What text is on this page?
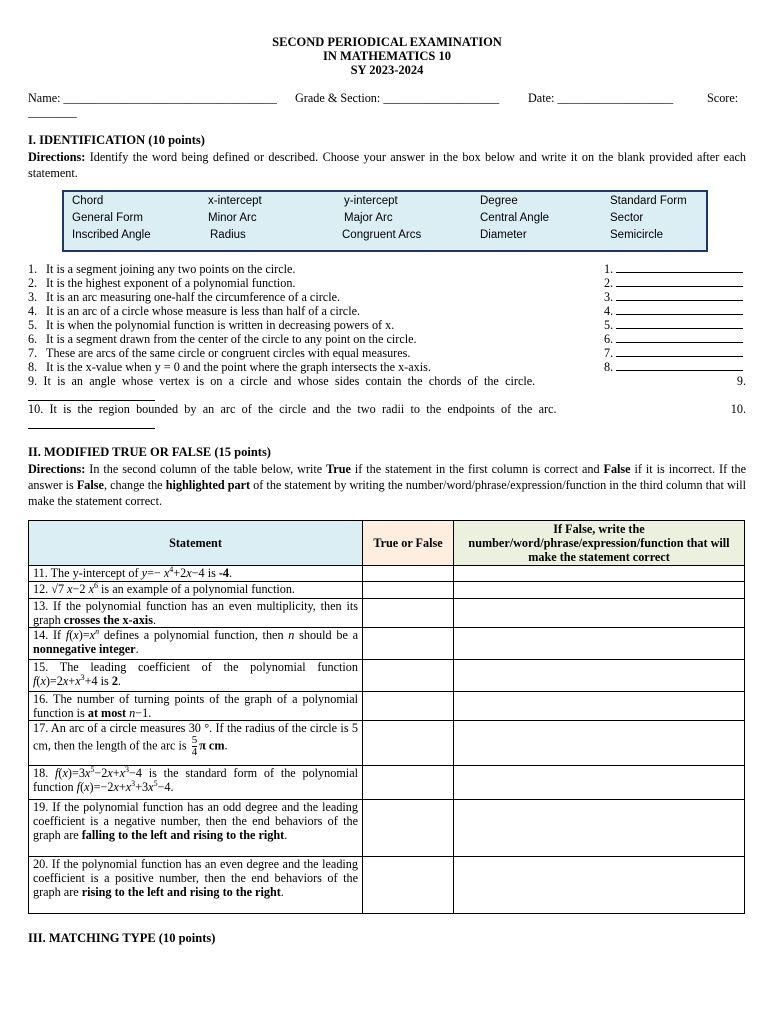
SECOND PERIODICAL EXAMINATION
IN MATHEMATICS 10
SY 2023-2024
Name: ___________________________________ Grade & Section: ___________________ Date: ___________________	Score:
________
I. IDENTIFICATION (10 points)
Directions: Identify the word being defined or described. Choose your answer in the box below and write it on the blank provided after each statement.
Chord	x-intercept	y-intercept	Degree	Standard Form
General Form	Minor Arc	Major Arc	Central Angle	Sector
Inscribed Angle	Radius	Congruent Arcs	Diameter	Semicircle
1. It is a segment joining any two points on the circle.	1.
2. It is the highest exponent of a polynomial function.	2.
3. It is an arc measuring one-half the circumference of a circle.	3.
4. It is an arc of a circle whose measure is less than half of a circle.	4.
5. It is when the polynomial function is written in decreasing powers of x.	5.
6. It is a segment drawn from the center of the circle to any point on the circle.	6.
7. These are arcs of the same circle or congruent circles with equal measures.	7.
8. It is the x-value when y = 0 and the point where the graph intersects the x-axis.	8.
9. It is an angle whose vertex is on a circle and whose sides contain the chords of the circle.	9.
10. It is the region bounded by an arc of the circle and the two radii to the endpoints of the arc.	10.
II. MODIFIED TRUE OR FALSE (15 points)
Directions: In the second column of the table below, write True if the statement in the first column is correct and False if it is incorrect. If the answer is False, change the highlighted part of the statement by writing the number/word/phrase/expression/function in the third column that will make the statement correct.
Statement	True or False	If False, write the number/word/phrase/expression/function that will make the statement correct
11. The y-intercept of $y=- x^4+2x-4$ is -4.		
12. √7 x−2 $x^6$ is an example of a polynomial function.		
13. If the polynomial function has an even multiplicity, then its graph crosses the x-axis.		
14. If $f(x)=x^n$ defines a polynomial function, then n should be a nonnegative integer.		
15. The leading coefficient of the polynomial function $f(x)=2x+x^3+4$ is 2.		
16. The number of turning points of the graph of a polynomial function is at most n−1.		
17. An arc of a circle measures 30 °. If the radius of the circle is 5 cm, then the length of the arc is $\frac{5}{4}$ π cm.		
18. $f(x)=3x^5-2x+x^3-4$ is the standard form of the polynomial function $f(x)=-2x+x^3+3x^5-4$.		
19. If the polynomial function has an odd degree and the leading coefficient is a negative number, then the end behaviors of the graph are falling to the left and rising to the right.		
20. If the polynomial function has an even degree and the leading coefficient is a positive number, then the end behaviors of the graph are rising to the left and rising to the right.		
III. MATCHING TYPE (10 points)
